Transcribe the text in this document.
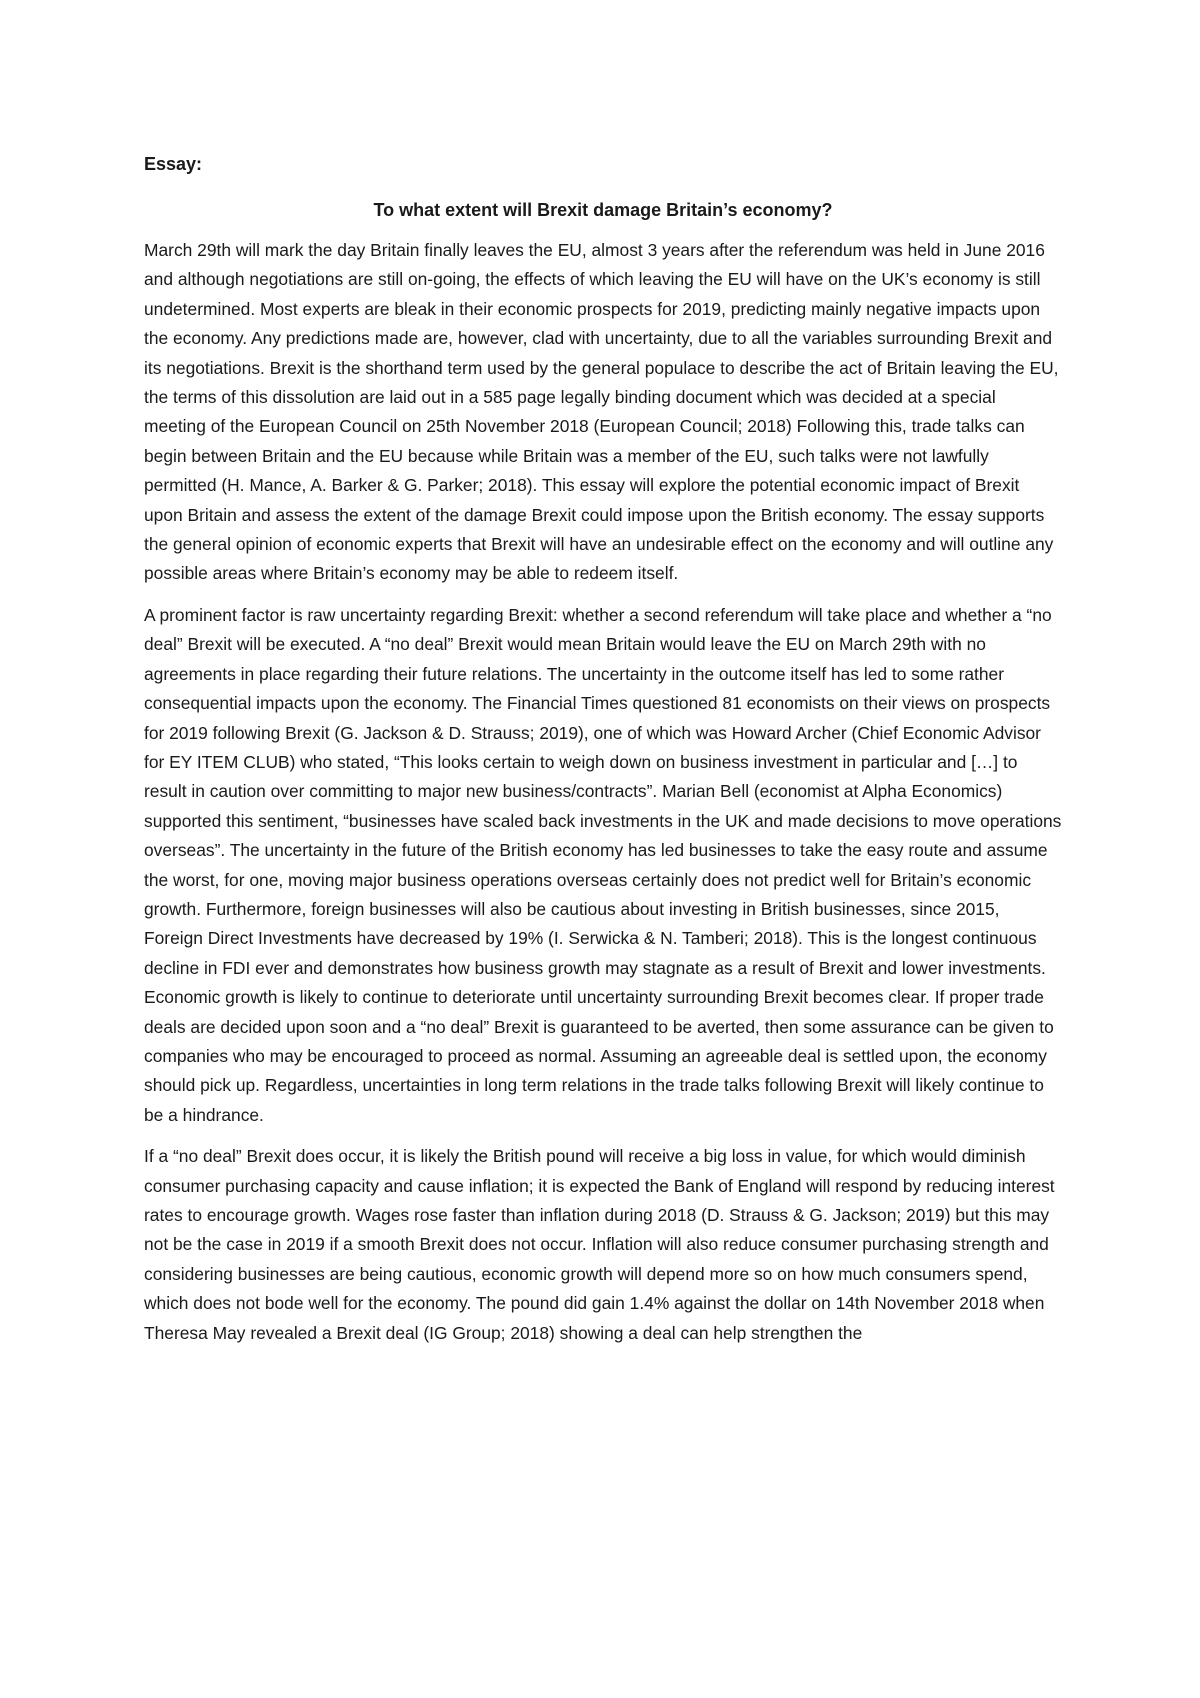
Essay:
To what extent will Brexit damage Britain’s economy?

March 29th will mark the day Britain finally leaves the EU, almost 3 years after the referendum was held in June 2016 and although negotiations are still on-going, the effects of which leaving the EU will have on the UK’s economy is still undetermined. Most experts are bleak in their economic prospects for 2019, predicting mainly negative impacts upon the economy. Any predictions made are, however, clad with uncertainty, due to all the variables surrounding Brexit and its negotiations. Brexit is the shorthand term used by the general populace to describe the act of Britain leaving the EU, the terms of this dissolution are laid out in a 585 page legally binding document which was decided at a special meeting of the European Council on 25th November 2018 (European Council; 2018) Following this, trade talks can begin between Britain and the EU because while Britain was a member of the EU, such talks were not lawfully permitted (H. Mance, A. Barker & G. Parker; 2018). This essay will explore the potential economic impact of Brexit upon Britain and assess the extent of the damage Brexit could impose upon the British economy. The essay supports the general opinion of economic experts that Brexit will have an undesirable effect on the economy and will outline any possible areas where Britain’s economy may be able to redeem itself.

A prominent factor is raw uncertainty regarding Brexit: whether a second referendum will take place and whether a “no deal” Brexit will be executed. A “no deal” Brexit would mean Britain would leave the EU on March 29th with no agreements in place regarding their future relations. The uncertainty in the outcome itself has led to some rather consequential impacts upon the economy. The Financial Times questioned 81 economists on their views on prospects for 2019 following Brexit (G. Jackson & D. Strauss; 2019), one of which was Howard Archer (Chief Economic Advisor for EY ITEM CLUB) who stated, “This looks certain to weigh down on business investment in particular and […] to result in caution over committing to major new business/contracts”. Marian Bell (economist at Alpha Economics) supported this sentiment, “businesses have scaled back investments in the UK and made decisions to move operations overseas”. The uncertainty in the future of the British economy has led businesses to take the easy route and assume the worst, for one, moving major business operations overseas certainly does not predict well for Britain’s economic growth. Furthermore, foreign businesses will also be cautious about investing in British businesses, since 2015, Foreign Direct Investments have decreased by 19% (I. Serwicka & N. Tamberi; 2018). This is the longest continuous decline in FDI ever and demonstrates how business growth may stagnate as a result of Brexit and lower investments. Economic growth is likely to continue to deteriorate until uncertainty surrounding Brexit becomes clear. If proper trade deals are decided upon soon and a “no deal” Brexit is guaranteed to be averted, then some assurance can be given to companies who may be encouraged to proceed as normal. Assuming an agreeable deal is settled upon, the economy should pick up. Regardless, uncertainties in long term relations in the trade talks following Brexit will likely continue to be a hindrance.

If a “no deal” Brexit does occur, it is likely the British pound will receive a big loss in value, for which would diminish consumer purchasing capacity and cause inflation; it is expected the Bank of England will respond by reducing interest rates to encourage growth. Wages rose faster than inflation during 2018 (D. Strauss & G. Jackson; 2019) but this may not be the case in 2019 if a smooth Brexit does not occur. Inflation will also reduce consumer purchasing strength and considering businesses are being cautious, economic growth will depend more so on how much consumers spend, which does not bode well for the economy. The pound did gain 1.4% against the dollar on 14th November 2018 when Theresa May revealed a Brexit deal (IG Group; 2018) showing a deal can help strengthen the
